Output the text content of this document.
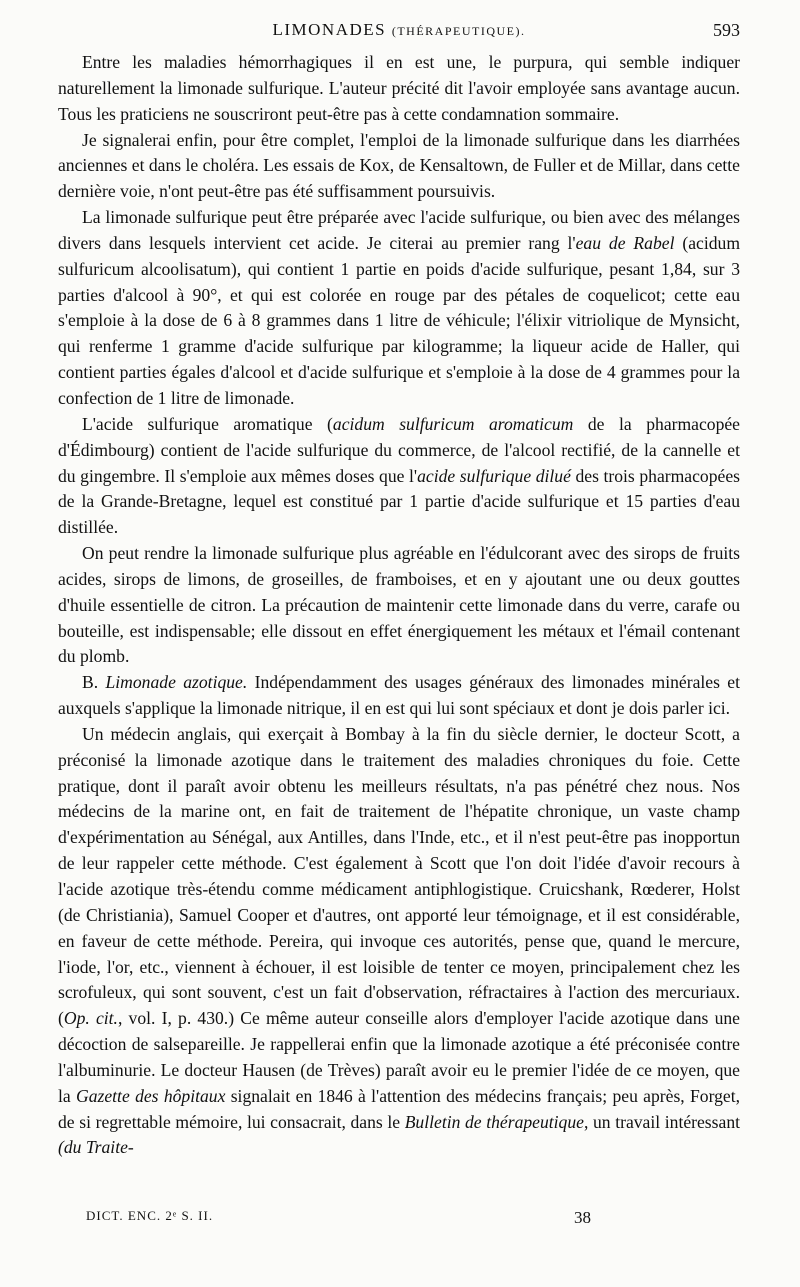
LIMONADES (THÉRAPEUTIQUE).	593

Entre les maladies hémorrhagiques il en est une, le purpura, qui semble indiquer naturellement la limonade sulfurique. L'auteur précité dit l'avoir employée sans avantage aucun. Tous les praticiens ne souscriront peut-être pas à cette condamnation sommaire.

Je signalerai enfin, pour être complet, l'emploi de la limonade sulfurique dans les diarrhées anciennes et dans le choléra. Les essais de Kox, de Kensaltown, de Fuller et de Millar, dans cette dernière voie, n'ont peut-être pas été suffisamment poursuivis.

La limonade sulfurique peut être préparée avec l'acide sulfurique, ou bien avec des mélanges divers dans lesquels intervient cet acide. Je citerai au premier rang l'eau de Rabel (acidum sulfuricum alcoolisatum), qui contient 1 partie en poids d'acide sulfurique, pesant 1,84, sur 3 parties d'alcool à 90°, et qui est colorée en rouge par des pétales de coquelicot; cette eau s'emploie à la dose de 6 à 8 grammes dans 1 litre de véhicule; l'élixir vitriolique de Mynsicht, qui renferme 1 gramme d'acide sulfurique par kilogramme; la liqueur acide de Haller, qui contient parties égales d'alcool et d'acide sulfurique et s'emploie à la dose de 4 grammes pour la confection de 1 litre de limonade.

L'acide sulfurique aromatique (acidum sulfuricum aromaticum de la pharmacopée d'Édimbourg) contient de l'acide sulfurique du commerce, de l'alcool rectifié, de la cannelle et du gingembre. Il s'emploie aux mêmes doses que l'acide sulfurique dilué des trois pharmacopées de la Grande-Bretagne, lequel est constitué par 1 partie d'acide sulfurique et 15 parties d'eau distillée.

On peut rendre la limonade sulfurique plus agréable en l'édulcorant avec des sirops de fruits acides, sirops de limons, de groseilles, de framboises, et en y ajoutant une ou deux gouttes d'huile essentielle de citron. La précaution de maintenir cette limonade dans du verre, carafe ou bouteille, est indispensable; elle dissout en effet énergiquement les métaux et l'émail contenant du plomb.

B. Limonade azotique. Indépendamment des usages généraux des limonades minérales et auxquels s'applique la limonade nitrique, il en est qui lui sont spéciaux et dont je dois parler ici.

Un médecin anglais, qui exerçait à Bombay à la fin du siècle dernier, le docteur Scott, a préconisé la limonade azotique dans le traitement des maladies chroniques du foie. Cette pratique, dont il paraît avoir obtenu les meilleurs résultats, n'a pas pénétré chez nous. Nos médecins de la marine ont, en fait de traitement de l'hépatite chronique, un vaste champ d'expérimentation au Sénégal, aux Antilles, dans l'Inde, etc., et il n'est peut-être pas inopportun de leur rappeler cette méthode. C'est également à Scott que l'on doit l'idée d'avoir recours à l'acide azotique très-étendu comme médicament antiphlogistique. Cruicshank, Rœderer, Holst (de Christiania), Samuel Cooper et d'autres, ont apporté leur témoignage, et il est considérable, en faveur de cette méthode. Pereira, qui invoque ces autorités, pense que, quand le mercure, l'iode, l'or, etc., viennent à échouer, il est loisible de tenter ce moyen, principalement chez les scrofuleux, qui sont souvent, c'est un fait d'observation, réfractaires à l'action des mercuriaux. (Op. cit., vol. I, p. 430.) Ce même auteur conseille alors d'employer l'acide azotique dans une décoction de salsepareille. Je rappellerai enfin que la limonade azotique a été préconisée contre l'albuminurie. Le docteur Hausen (de Trèves) paraît avoir eu le premier l'idée de ce moyen, que la Gazette des hôpitaux signalait en 1846 à l'attention des médecins français; peu après, Forget, de si regrettable mémoire, lui consacrait, dans le Bulletin de thérapeutique, un travail intéressant (du Traite-

DICT. ENC. 2ᵉ S. II.	38
